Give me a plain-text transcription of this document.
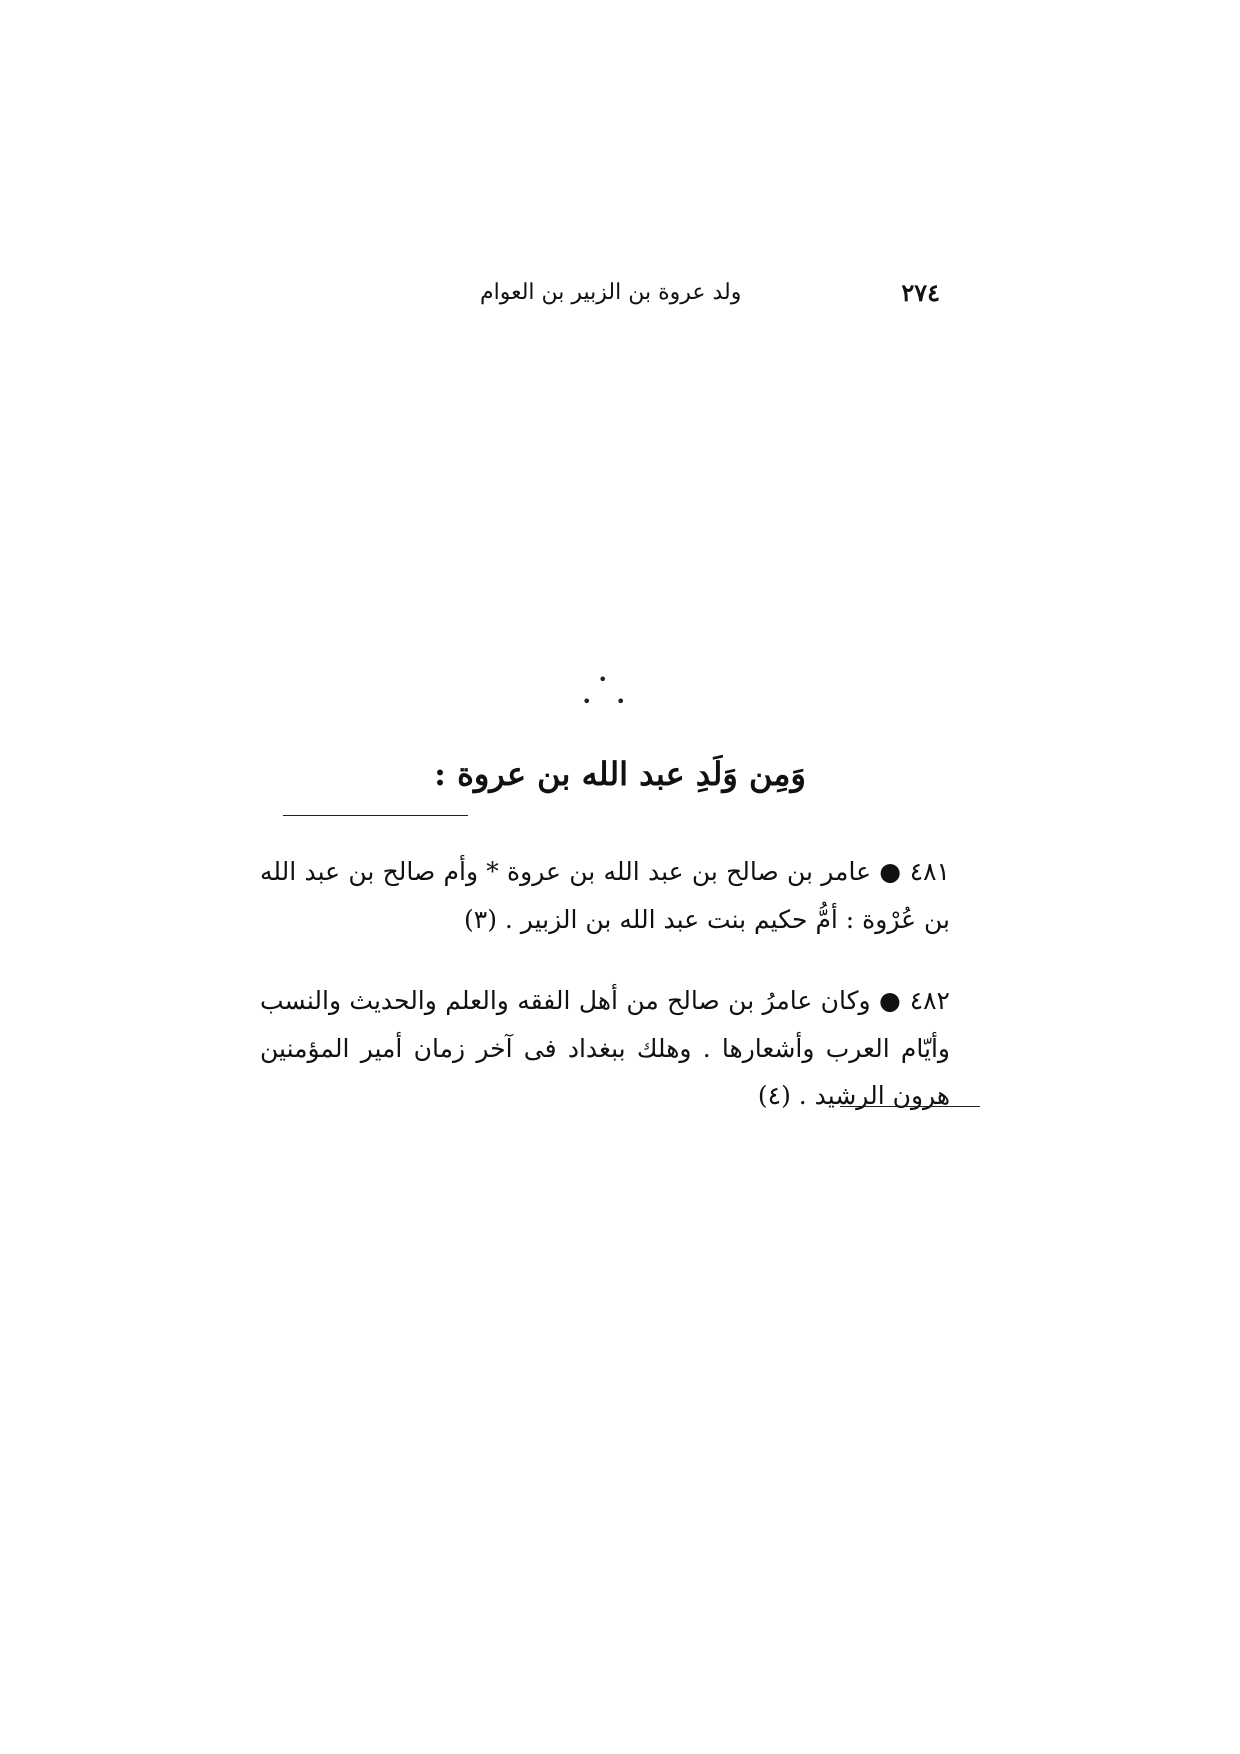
٢٧٤
ولد عروة بن الزبير بن العوام
•
• •
وَمِن وَلَدِ عبد الله بن عروة :

٤٨١ ● عامر بن صالح بن عبد الله بن عروة * وأم صالح بن عبد الله بن عُرْوة : أمُّ حكيم بنت عبد الله بن الزبير . (٣)

٤٨٢ ● وكان عامرُ بن صالح من أهل الفقه والعلم والحديث والنسب وأيّام العرب وأشعارها . وهلك ببغداد فى آخر زمان أمير المؤمنين هرون الرشيد . (٤)
